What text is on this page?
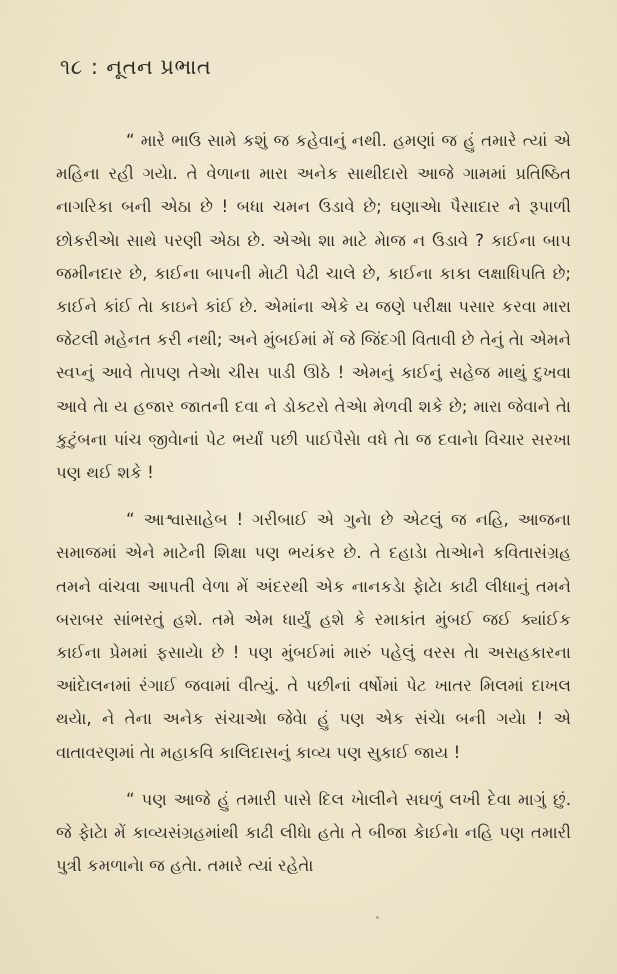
૧૮ : નૂતન પ્રભાત

“ મારે ભાઉ સામે કશું જ કહેવાનું નથી. હમણાં જ હું તમારે ત્યાં એ મહિના રહી ગયેા. તે વેળાના મારા અનેક સાથીદારો આજે ગામમાં પ્રતિષ્ઠિત નાગરિકા બની એઠા છે ! બધા ચમન ઉડાવે છે; ઘણાએા પૈસાદાર ને રૂપાળી છોકરીએા સાથે પરણી એઠા છે. એએા શા માટે મેાજ ન ઉડાવે ? કાઈના બાપ જમીનદાર છે, કાઈના બાપની માેટી પેઢી ચાલે છે, કાઈના કાકા લક્ષાધિપતિ છે; કાઈને કાંઈ તેા કાઇને કાંઈ છે. એમાંના એકે ય જણે પરીક્ષા પસાર કરવા મારા જેટલી મહેનત કરી નથી; અને મુંબઈમાં મેં જે જિંદગી વિતાવી છે તેનું તેા એમને સ્વપ્નું આવે તાેપણ તેએા ચીસ પાડી ઊઠે ! એમનું કાઈનું સહેજ માથું દુખવા આવે તેા ય હજાર જાતની દવા ને ડોક્ટરો તેએા મેળવી શકે છે; મારા જેવાને તેા કુટુંબના પાંચ જીવેાનાં પેટ ભર્યાં પછી પાઈપૈસેા વધે તાે જ દવાનાે વિચાર સરખા પણ થઈ શકે !

“ આશ્વાસાહેબ ! ગરીબાઈ એ ગુનાે છે એટલું જ નહિ, આજના સમાજમાં એને માટેની શિક્ષા પણ ભયંકર છે. તે દહાડાે તાેએાને કવિતાસંગ્રહ તમને વાંચવા આપતી વેળા મેં અંદરથી એક નાનકડાે ફાેટાે કાઢી લીધાનું તમને બરાબર સાંભરતું હશે. તમે એમ ધાર્યું હશે કે રમાકાંત મુંબઈ જઈ ક્યાંઈક કાઈના પ્રેમમાં ફસાયાે છે ! પણ મુંબઈમાં મારું પહેલું વરસ તેા અસહકારના આંદાેલનમાં રંગાઈ જવામાં વીત્યું. તે પછીનાં વર્ષોમાં પેટ ખાતર મિલમાં દાખલ થયાે, ને તેના અનેક સંચાએા જેવાે હું પણ એક સંચાે બની ગયાે ! એ વાતાવરણમાં તેા મહાકવિ કાલિદાસનું કાવ્ય પણ સુકાઈ જાય !

“ પણ આજે હું તમારી પાસે દિલ ખાેલીને સઘળું લખી દેવા માગું છું. જે ફાેટાે મેં કાવ્યસંગ્રહમાંથી કાઢી લીધાે હતાે તે બીજા કાેઈનાે નહિ પણ તમારી પુત્રી કમળાનાે જ હતાે. તમારે ત્યાં રહેતાે
